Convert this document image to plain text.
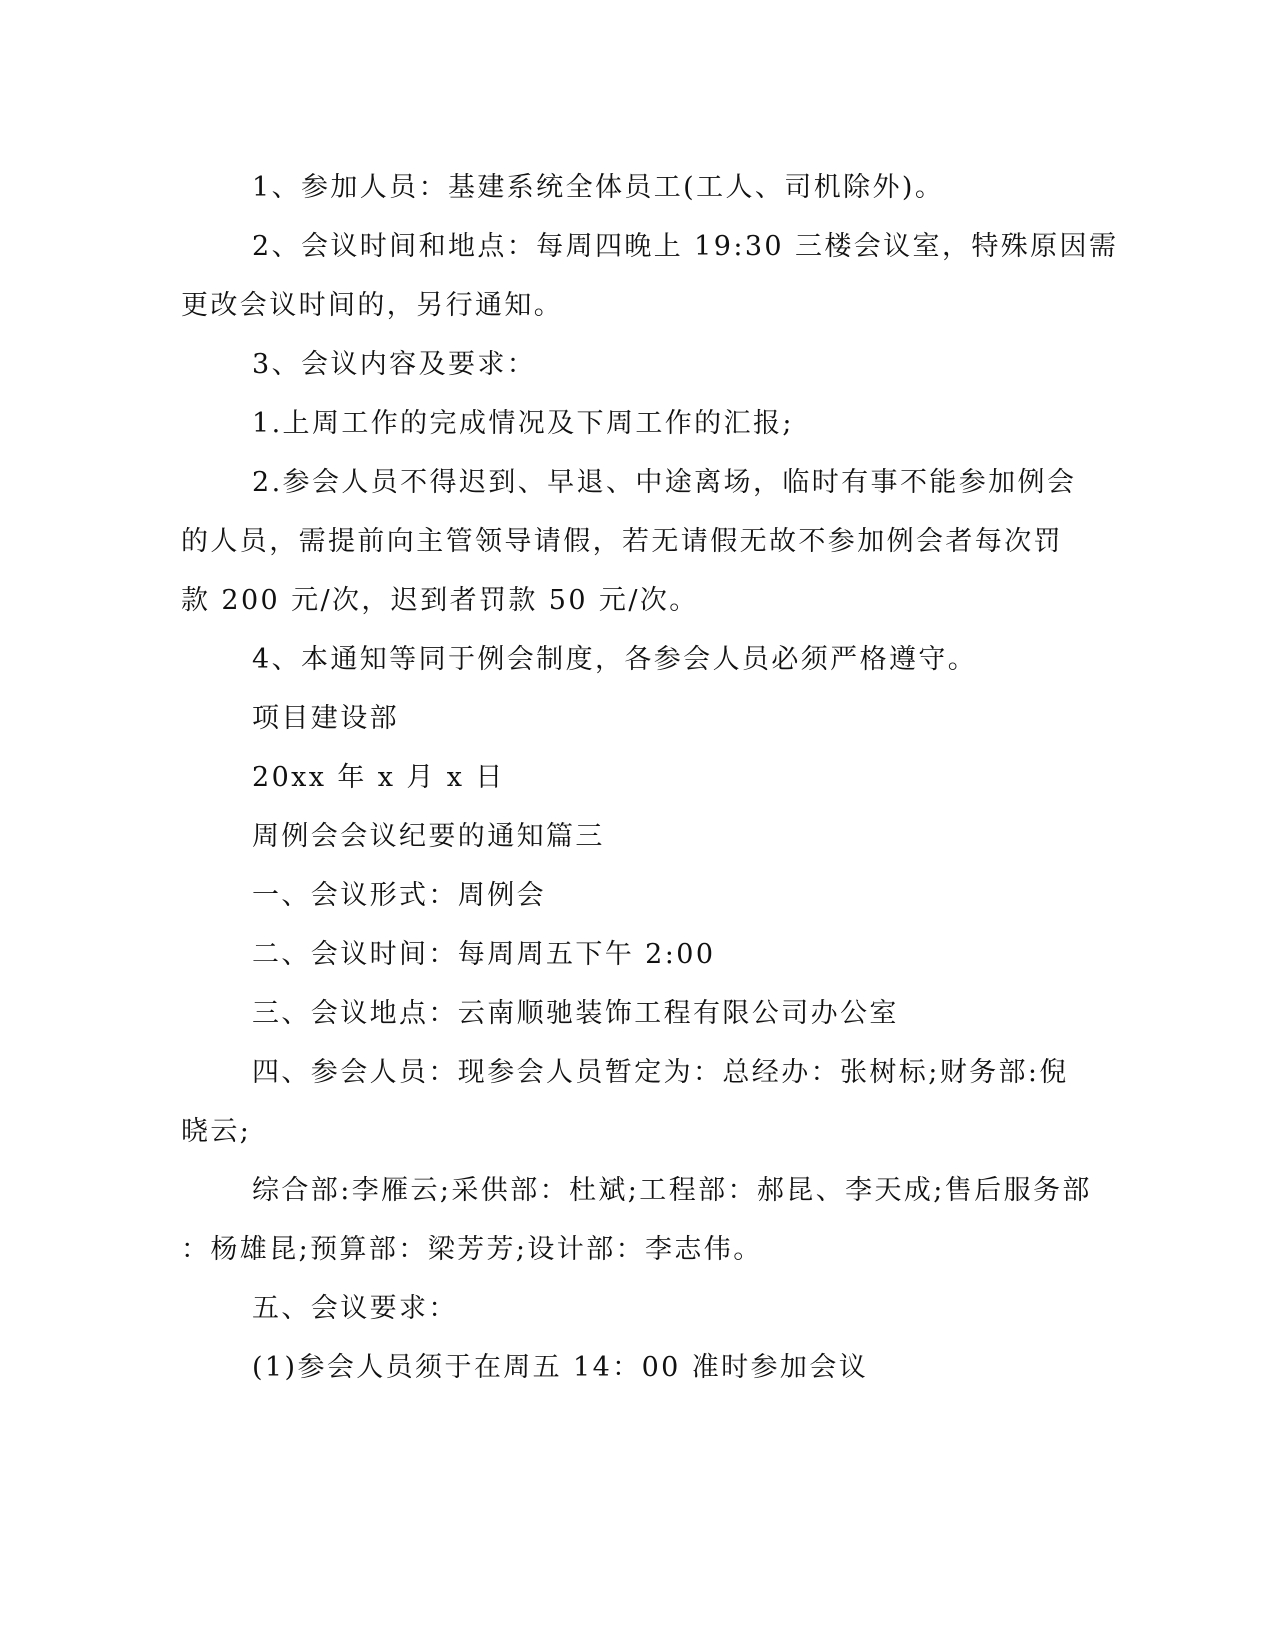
1、参加人员：基建系统全体员工(工人、司机除外)。

2、会议时间和地点：每周四晚上 19:30 三楼会议室，特殊原因需

更改会议时间的，另行通知。

3、会议内容及要求：

1.上周工作的完成情况及下周工作的汇报;

2.参会人员不得迟到、早退、中途离场，临时有事不能参加例会

的人员，需提前向主管领导请假，若无请假无故不参加例会者每次罚

款 200 元/次，迟到者罚款 50 元/次。

4、本通知等同于例会制度，各参会人员必须严格遵守。

项目建设部

20xx 年 x 月 x 日

周例会会议纪要的通知篇三

一、会议形式：周例会

二、会议时间：每周周五下午 2:00

三、会议地点：云南顺驰装饰工程有限公司办公室

四、参会人员：现参会人员暂定为：总经办：张树标;财务部:倪

晓云;

综合部:李雁云;采供部：杜斌;工程部：郝昆、李天成;售后服务部

：杨雄昆;预算部：梁芳芳;设计部：李志伟。

五、会议要求：

(1)参会人员须于在周五 14：00 准时参加会议
